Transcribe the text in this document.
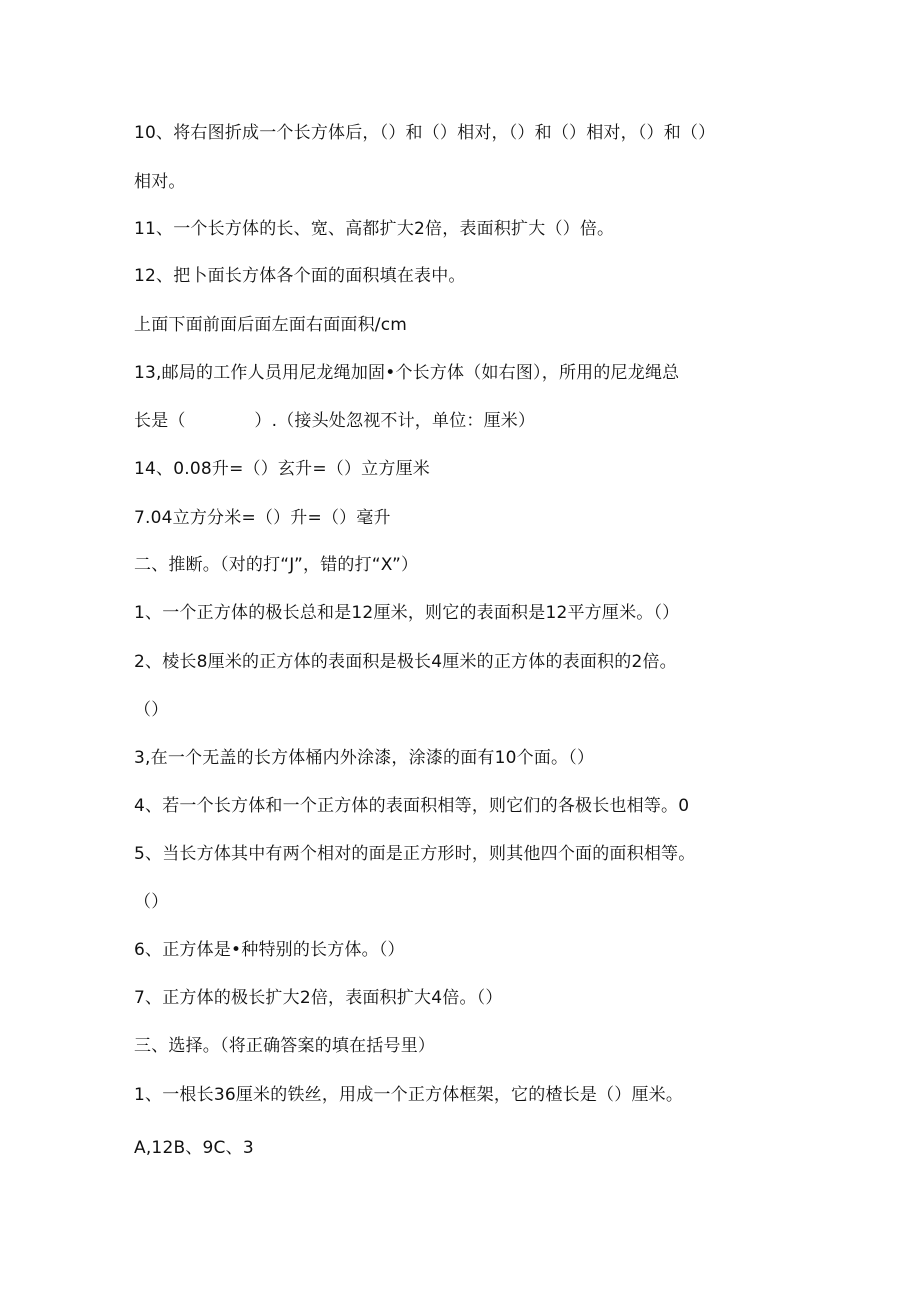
10、将右图折成一个长方体后，（）和（）相对，（）和（）相对，（）和（）
相对。
11、一个长方体的长、宽、高都扩大2倍，表面积扩大（）倍。
12、把卜面长方体各个面的面积填在表中。
上面下面前面后面左面右面面积/cm
13,邮局的工作人员用尼龙绳加固•个长方体（如右图），所用的尼龙绳总
长是（　　　　）.（接头处忽视不计，单位：厘米）
14、0.08升=（）玄升=（）立方厘米
7.04立方分米=（）升=（）毫升
二、推断。（对的打“J”，错的打“X”）
1、一个正方体的极长总和是12厘米，则它的表面积是12平方厘米。（）
2、棱长8厘米的正方体的表面积是极长4厘米的正方体的表面积的2倍。
（）
3,在一个无盖的长方体桶内外涂漆，涂漆的面有10个面。（）
4、若一个长方体和一个正方体的表面积相等，则它们的各极长也相等。0
5、当长方体其中有两个相对的面是正方形时，则其他四个面的面积相等。
（）
6、正方体是•种特别的长方体。（）
7、正方体的极长扩大2倍，表面积扩大4倍。（）
三、选择。（将正确答案的填在括号里）
1、一根长36厘米的铁丝，用成一个正方体框架，它的楂长是（）厘米。
A,12B、9C、3
